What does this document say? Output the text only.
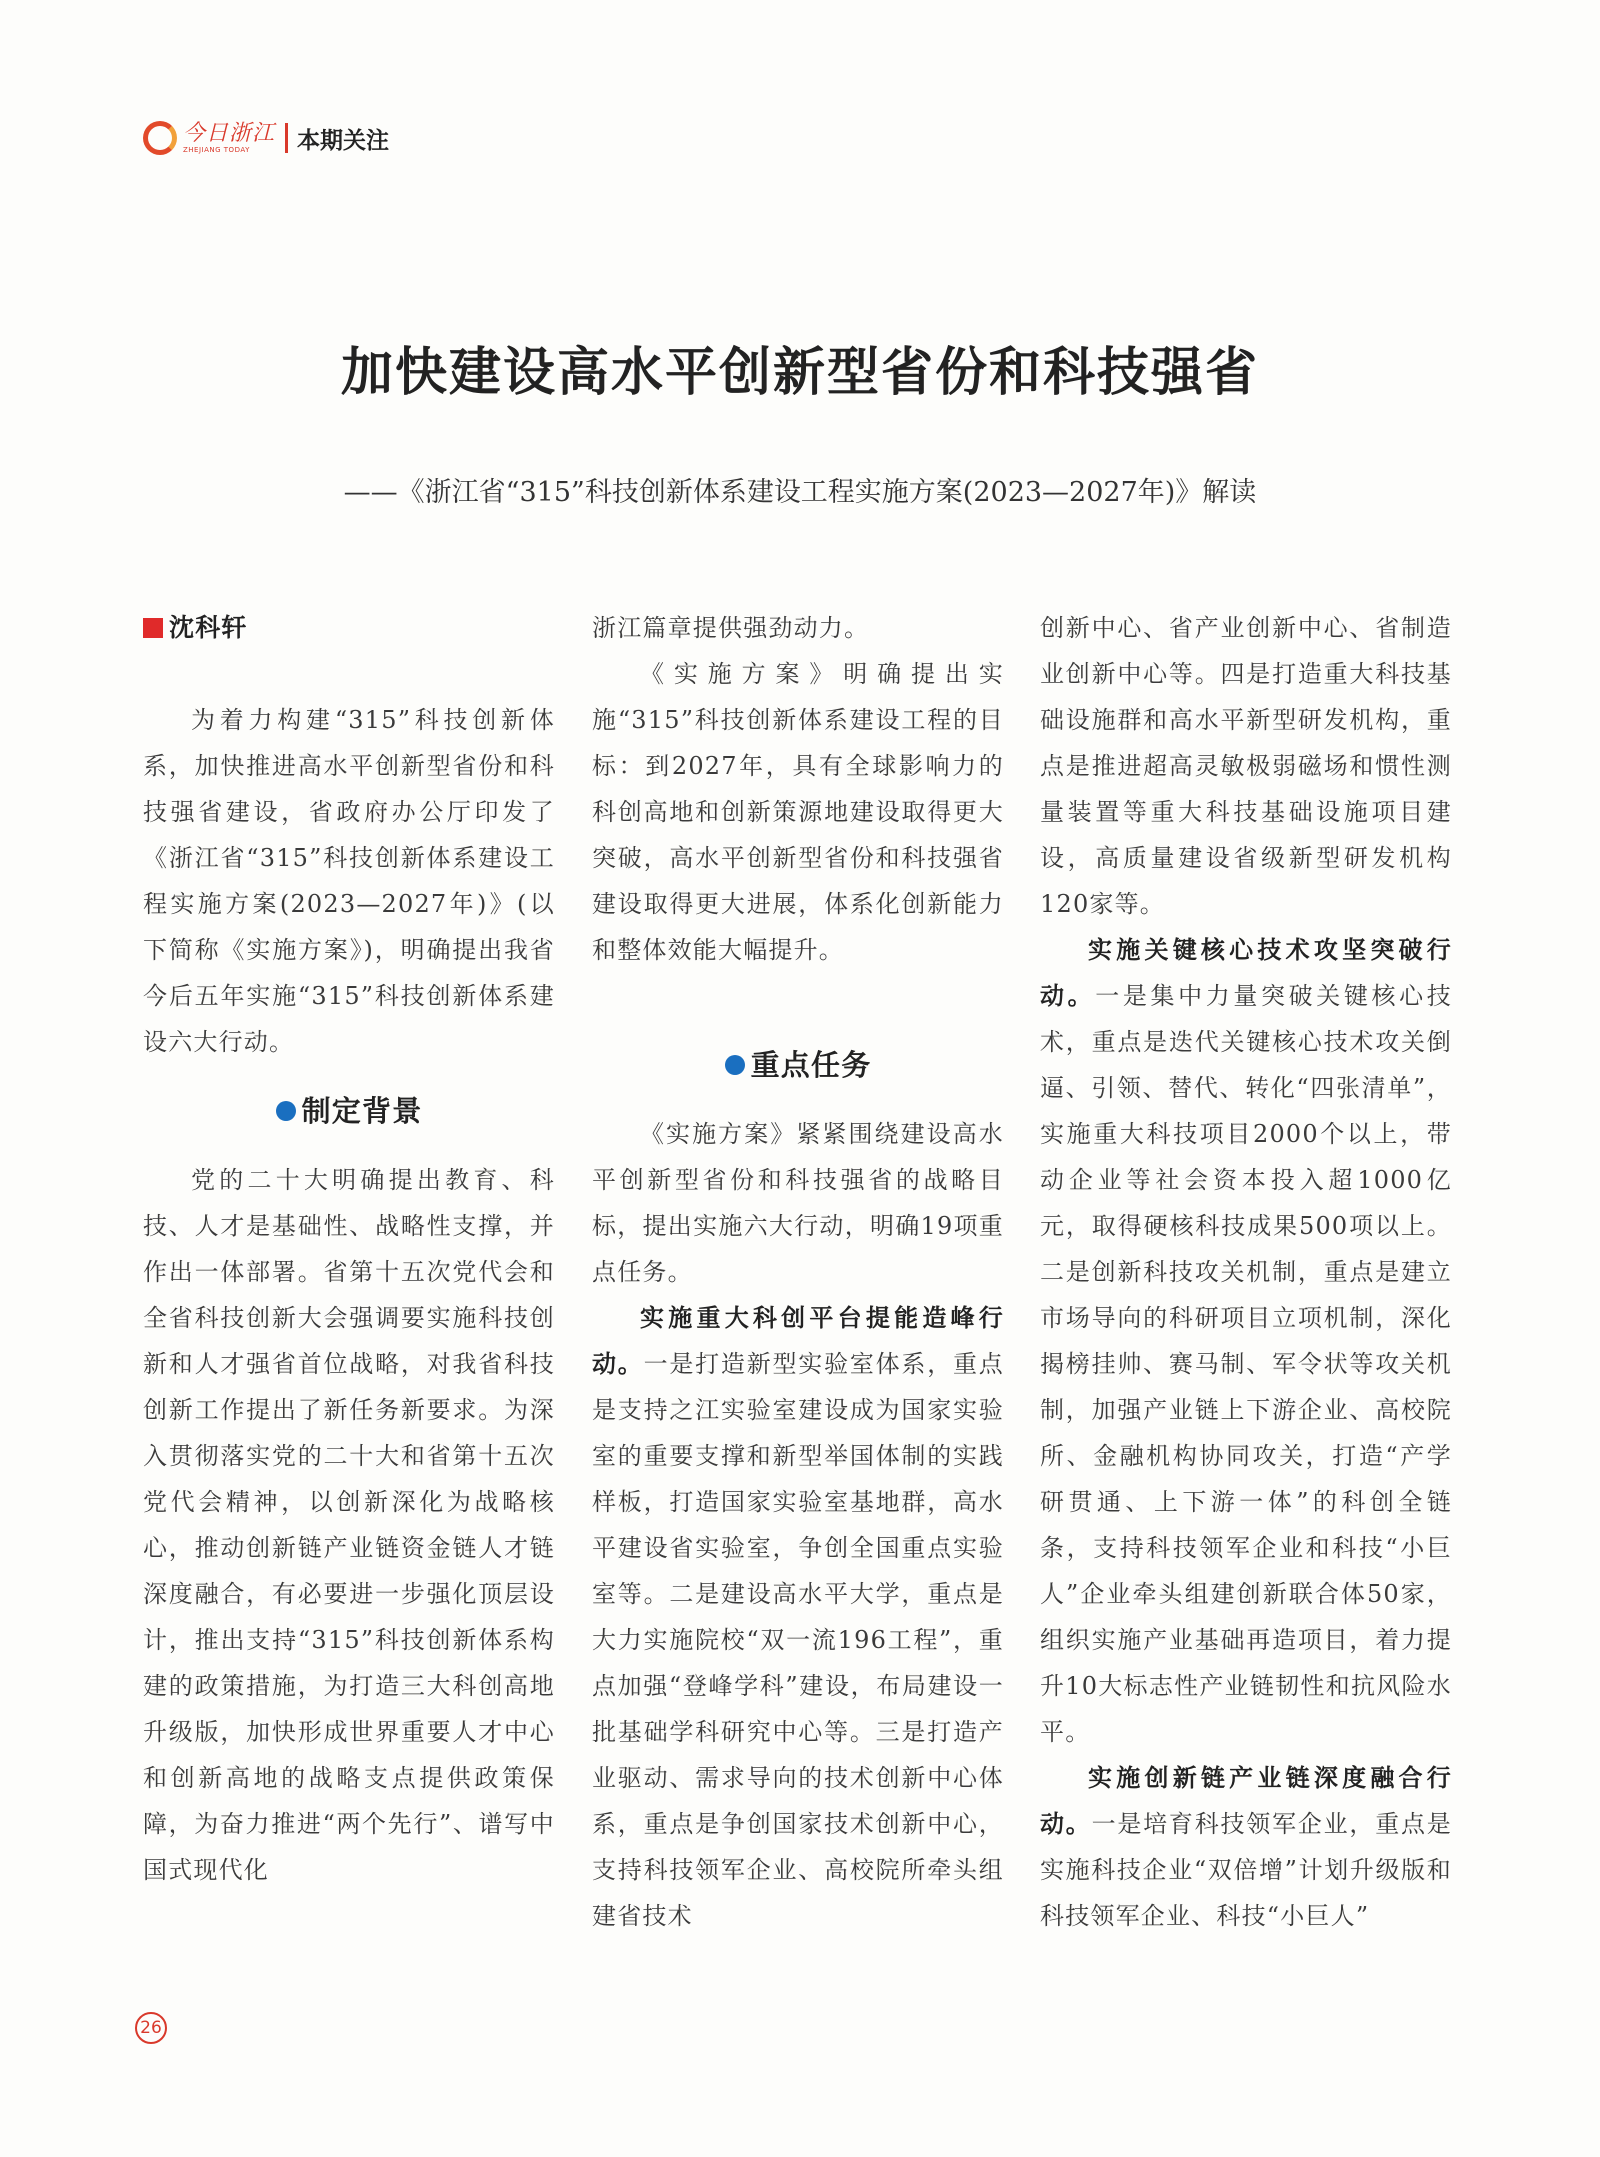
今日浙江
ZHEJIANG TODAY	本期关注
加快建设高水平创新型省份和科技强省
——《浙江省“315”科技创新体系建设工程实施方案(2023—2027年)》解读
沈科轩

为着力构建“315”科技创新体系，加快推进高水平创新型省份和科技强省建设，省政府办公厅印发了《浙江省“315”科技创新体系建设工程实施方案(2023—2027年)》(以下简称《实施方案》)，明确提出我省今后五年实施“315”科技创新体系建设六大行动。

制定背景

党的二十大明确提出教育、科技、人才是基础性、战略性支撑，并作出一体部署。省第十五次党代会和全省科技创新大会强调要实施科技创新和人才强省首位战略，对我省科技创新工作提出了新任务新要求。为深入贯彻落实党的二十大和省第十五次党代会精神，以创新深化为战略核心，推动创新链产业链资金链人才链深度融合，有必要进一步强化顶层设计，推出支持“315”科技创新体系构建的政策措施，为打造三大科创高地升级版，加快形成世界重要人才中心和创新高地的战略支点提供政策保障，为奋力推进“两个先行”、谱写中国式现代化

浙江篇章提供强劲动力。

《实施方案》明确提出实施“315”科技创新体系建设工程的目标：到2027年，具有全球影响力的科创高地和创新策源地建设取得更大突破，高水平创新型省份和科技强省建设取得更大进展，体系化创新能力和整体效能大幅提升。

重点任务

《实施方案》紧紧围绕建设高水平创新型省份和科技强省的战略目标，提出实施六大行动，明确19项重点任务。

实施重大科创平台提能造峰行动。一是打造新型实验室体系，重点是支持之江实验室建设成为国家实验室的重要支撑和新型举国体制的实践样板，打造国家实验室基地群，高水平建设省实验室，争创全国重点实验室等。二是建设高水平大学，重点是大力实施院校“双一流196工程”，重点加强“登峰学科”建设，布局建设一批基础学科研究中心等。三是打造产业驱动、需求导向的技术创新中心体系，重点是争创国家技术创新中心，支持科技领军企业、高校院所牵头组建省技术

创新中心、省产业创新中心、省制造业创新中心等。四是打造重大科技基础设施群和高水平新型研发机构，重点是推进超高灵敏极弱磁场和惯性测量装置等重大科技基础设施项目建设，高质量建设省级新型研发机构120家等。

实施关键核心技术攻坚突破行动。一是集中力量突破关键核心技术，重点是迭代关键核心技术攻关倒逼、引领、替代、转化“四张清单”，实施重大科技项目2000个以上，带动企业等社会资本投入超1000亿元，取得硬核科技成果500项以上。二是创新科技攻关机制，重点是建立市场导向的科研项目立项机制，深化揭榜挂帅、赛马制、军令状等攻关机制，加强产业链上下游企业、高校院所、金融机构协同攻关，打造“产学研贯通、上下游一体”的科创全链条，支持科技领军企业和科技“小巨人”企业牵头组建创新联合体50家，组织实施产业基础再造项目，着力提升10大标志性产业链韧性和抗风险水平。

实施创新链产业链深度融合行动。一是培育科技领军企业，重点是实施科技企业“双倍增”计划升级版和科技领军企业、科技“小巨人”

26
